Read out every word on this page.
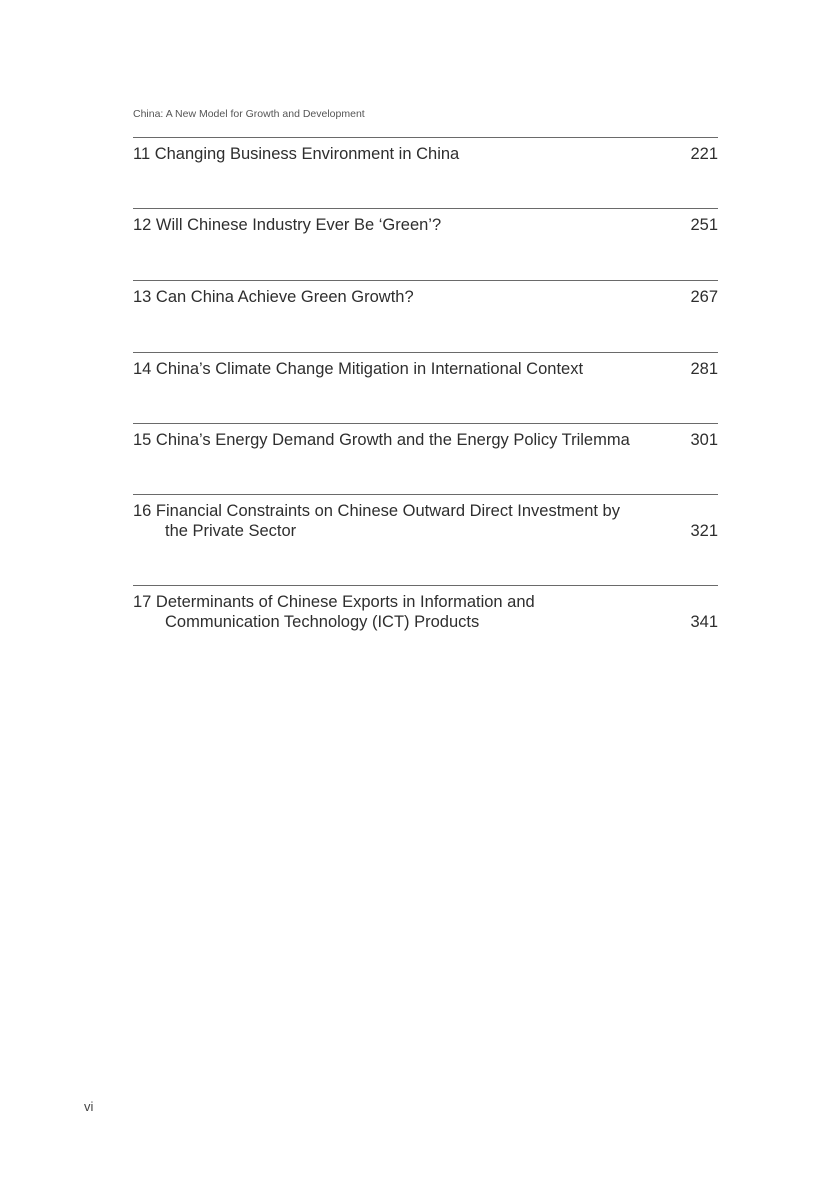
China: A New Model for Growth and Development
11 Changing Business Environment in China	221
12 Will Chinese Industry Ever Be ‘Green’?	251
13 Can China Achieve Green Growth?	267
14 China’s Climate Change Mitigation in International Context	281
15 China’s Energy Demand Growth and the Energy Policy Trilemma	301
16 Financial Constraints on Chinese Outward Direct Investment by
the Private Sector	321
17 Determinants of Chinese Exports in Information and
Communication Technology (ICT) Products	341
vi
